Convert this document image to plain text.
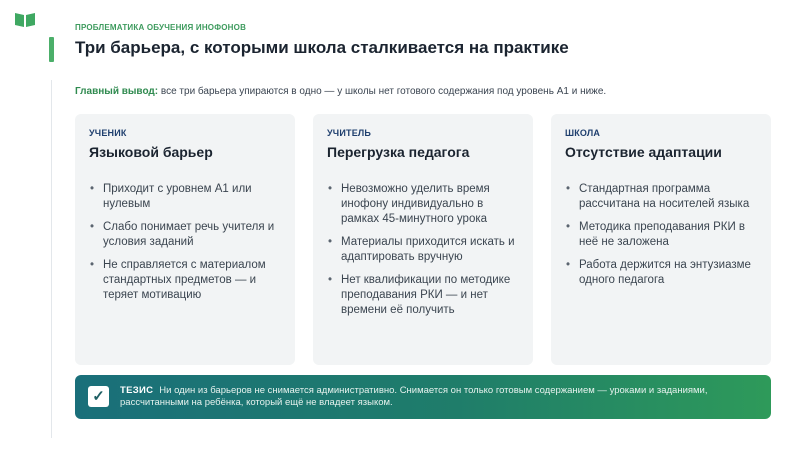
ПРОБЛЕМАТИКА ОБУЧЕНИЯ ИНОФОНОВ
Три барьера, с которыми школа сталкивается на практике

Главный вывод: все три барьера упираются в одно — у школы нет готового содержания под уровень А1 и ниже.

УЧЕНИК
Языковой барьер
• Приходит с уровнем А1 или нулевым
• Слабо понимает речь учителя и условия заданий
• Не справляется с материалом стандартных предметов — и теряет мотивацию
УЧИТЕЛЬ
Перегрузка педагога
• Невозможно уделить время инофону индивидуально в рамках 45-минутного урока
• Материалы приходится искать и адаптировать вручную
• Нет квалификации по методике преподавания РКИ — и нет времени её получить
ШКОЛА
Отсутствие адаптации
• Стандартная программа рассчитана на носителей языка
• Методика преподавания РКИ в неё не заложена
• Работа держится на энтузиазме одного педагога
✓	ТЕЗИС Ни один из барьеров не снимается административно. Снимается он только готовым содержанием — уроками и заданиями, рассчитанными на ребёнка, который ещё не владеет языком.
